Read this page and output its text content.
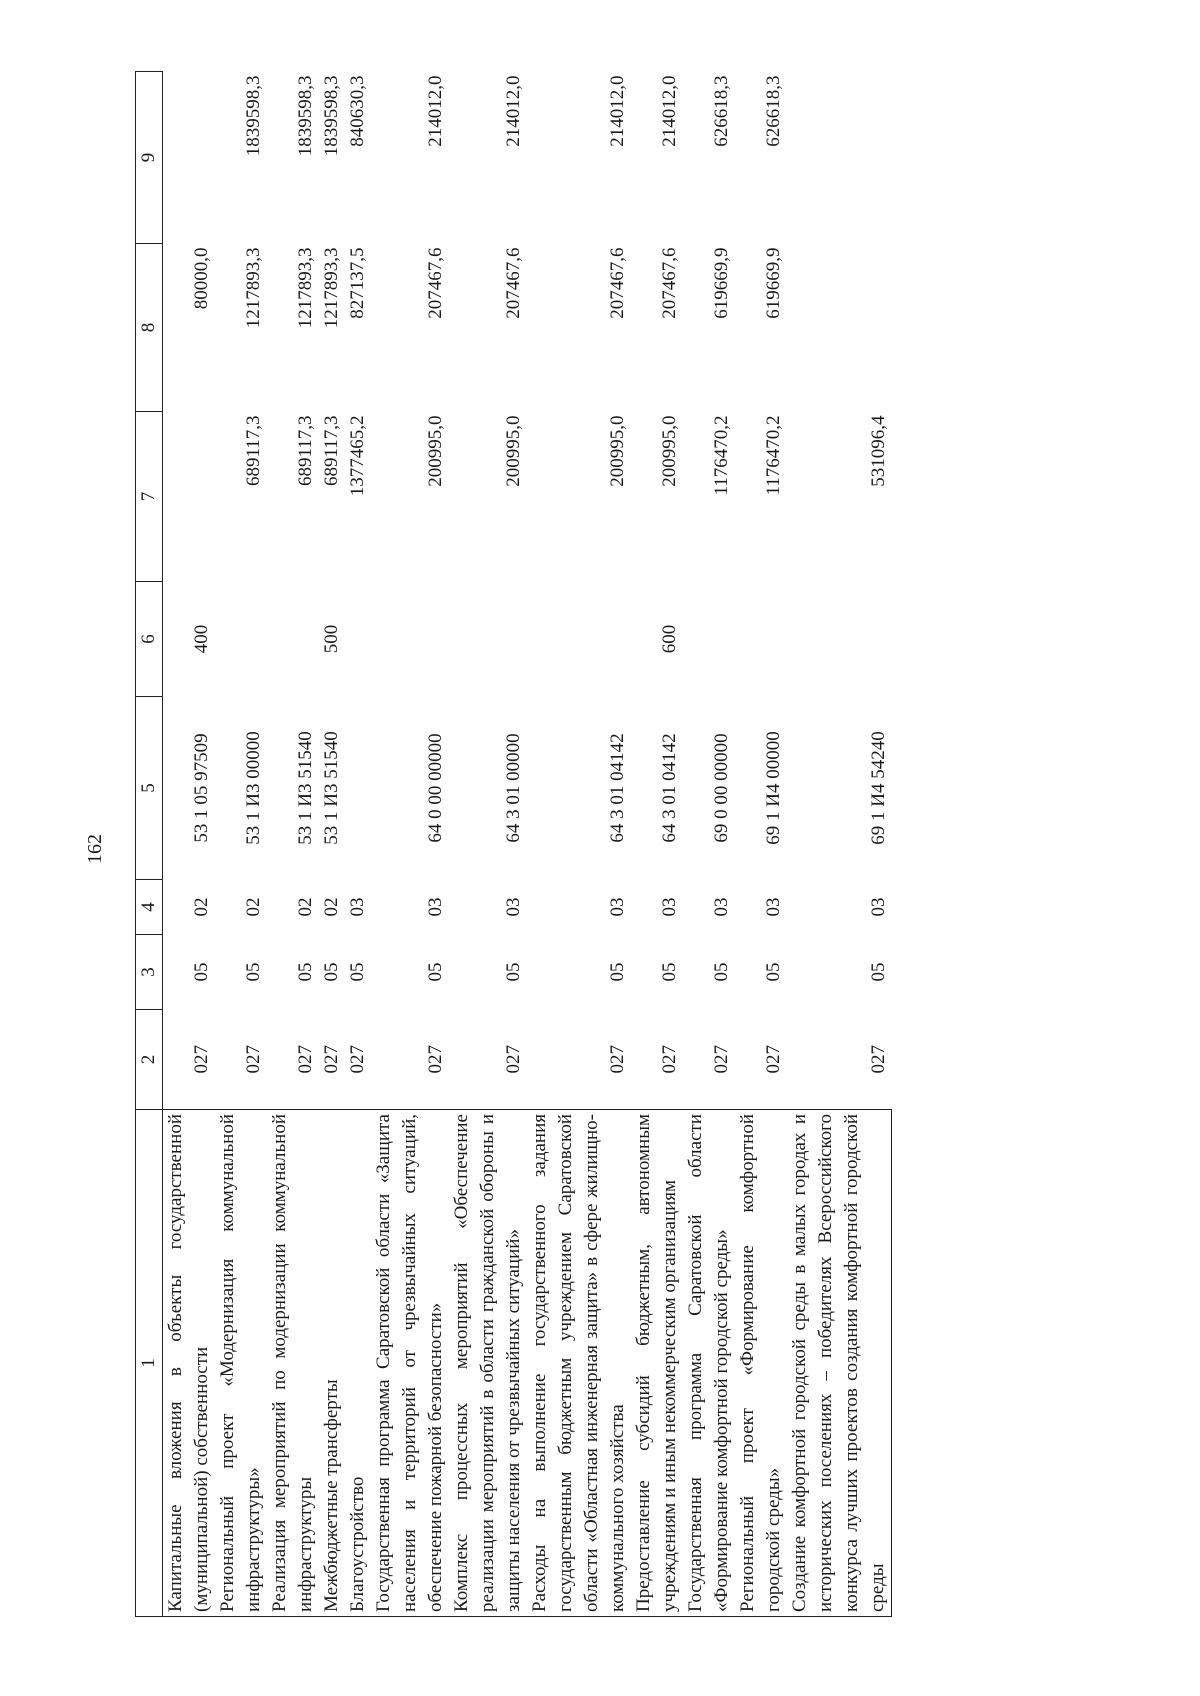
162
1	2	3	4	5	6	7	8	9
Капитальные вложения в объекты государственной (муниципальной) собственности	027	05	02	53 1 05 97509	400		80000,0	
Региональный проект «Модернизация коммунальной инфраструктуры»	027	05	02	53 1 И3 00000		689117,3	1217893,3	1839598,3
Реализация мероприятий по модернизации коммунальной инфраструктуры	027	05	02	53 1 И3 51540		689117,3	1217893,3	1839598,3
Межбюджетные трансферты	027	05	02	53 1 И3 51540	500	689117,3	1217893,3	1839598,3
Благоустройство	027	05	03			1377465,2	827137,5	840630,3
Государственная программа Саратовской области «Защита населения и территорий от чрезвычайных ситуаций, обеспечение пожарной безопасности»	027	05	03	64 0 00 00000		200995,0	207467,6	214012,0
Комплекс процессных мероприятий «Обеспечение реализации мероприятий в области гражданской обороны и защиты населения от чрезвычайных ситуаций»	027	05	03	64 3 01 00000		200995,0	207467,6	214012,0
Расходы на выполнение государственного задания государственным бюджетным учреждением Саратовской области «Областная инженерная защита» в сфере жилищно-коммунального хозяйства	027	05	03	64 3 01 04142		200995,0	207467,6	214012,0
Предоставление субсидий бюджетным, автономным учреждениям и иным некоммерческим организациям	027	05	03	64 3 01 04142	600	200995,0	207467,6	214012,0
Государственная программа Саратовской области «Формирование комфортной городской среды»	027	05	03	69 0 00 00000		1176470,2	619669,9	626618,3
Региональный проект «Формирование комфортной городской среды»	027	05	03	69 1 И4 00000		1176470,2	619669,9	626618,3
Создание комфортной городской среды в малых городах и исторических поселениях – победителях Всероссийского конкурса лучших проектов создания комфортной городской среды	027	05	03	69 1 И4 54240		531096,4		
